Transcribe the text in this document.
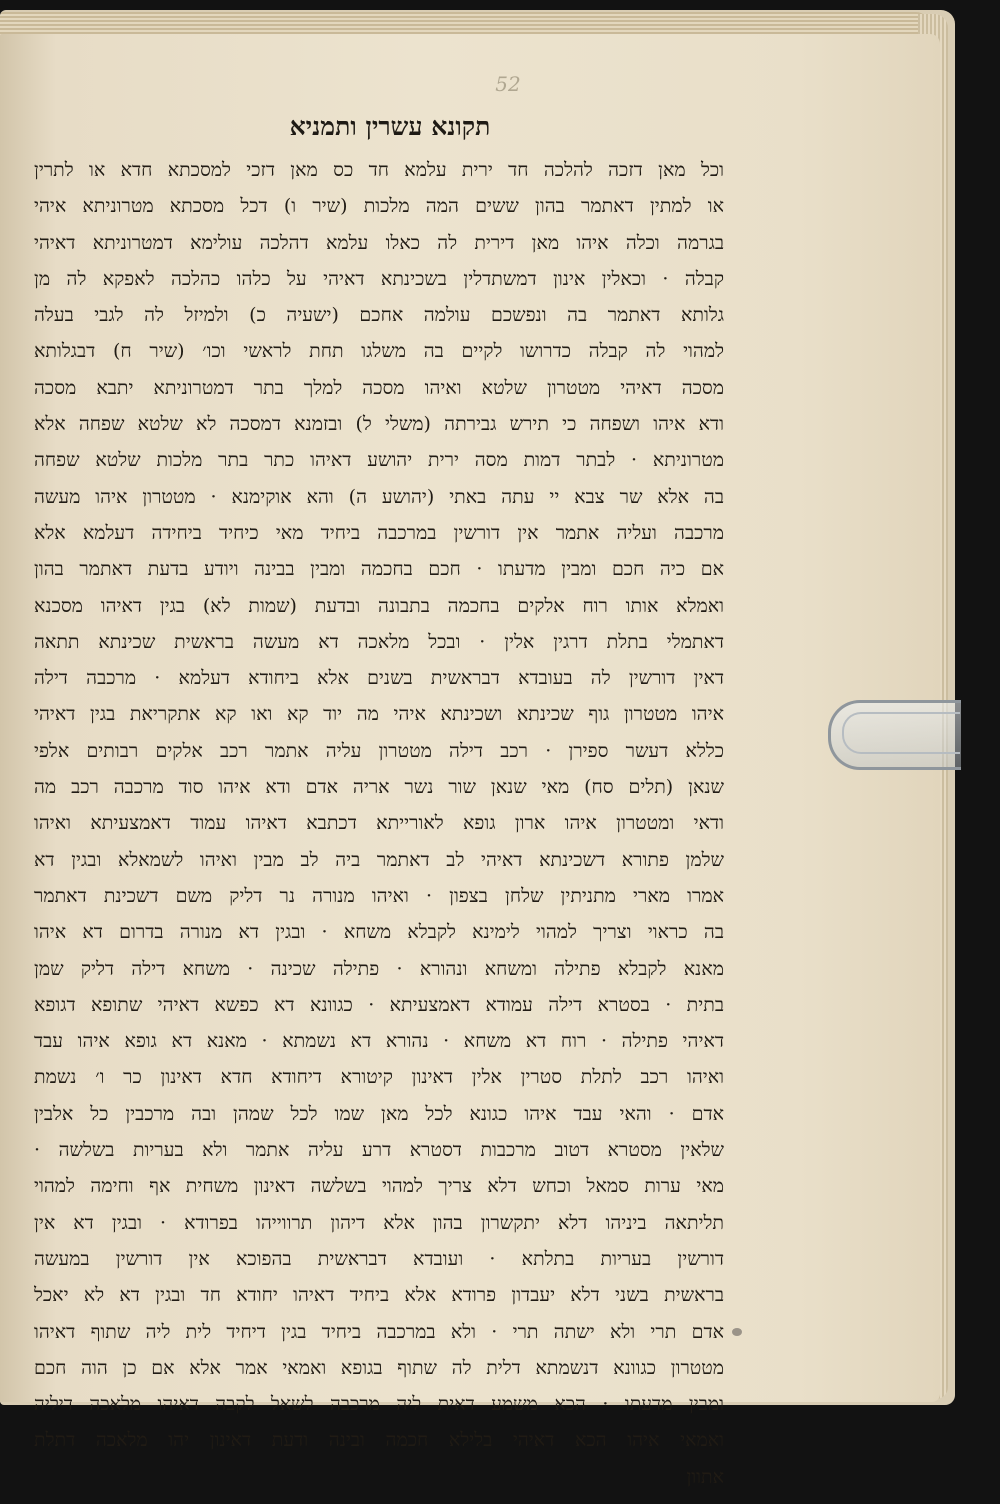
52
תקונא עשרין ותמניא
וכל מאן דזכה להלכה חד ירית עלמא חד כס מאן דזכי למסכתא חדא או לתרין
או למתין דאתמר בהון ששים המה מלכות (שיר ו) דכל מסכתא מטרוניתא איהי
בגרמה וכלה איהו מאן דירית לה כאלו עלמא דהלכה עולימא דמטרוניתא דאיהי
קבלה · וכאלין אינון דמשתדלין בשכינתא דאיהי על כלהו כהלכה לאפקא לה מן
גלותא דאתמר בה ונפשכם עולמה אחכם (ישעיה כ) ולמיזל לה לגבי בעלה
למהוי לה קבלה כדרושו לקיים בה משלגו תחת לראשי וכו׳ (שיר ח) דבגלותא
מסכה דאיהי מטטרון שלטא ואיהו מסכה למלך בתר דמטרוניתא יתבא מסכה
ודא איהו ושפחה כי תירש גבירתה (משלי ל) ובזמנא דמסכה לא שלטא שפחה אלא
מטרוניתא · לבתר דמות מסה ירית יהושע דאיהו כתר בתר מלכות שלטא שפחה
בה אלא שר צבא יי עתה באתי (יהושע ה) והא אוקימנא · מטטרון איהו מעשה
מרכבה ועליה אתמר אין דורשין במרכבה ביחיד מאי כיחיד ביחידה דעלמא אלא
אם כיה חכם ומבין מדעתו · חכם בחכמה ומבין בבינה ויודע בדעת דאתמר בהון
ואמלא אותו רוח אלקים בחכמה בתבונה ובדעת (שמות לא) בגין דאיהו מסכנא
דאתמלי בתלת דרגין אלין · ובכל מלאכה דא מעשה בראשית שכינתא תתאה
דאין דורשין לה בעובדא דבראשית בשנים אלא ביחודא דעלמא · מרכבה דילה
איהו מטטרון גוף שכינתא ושכינתא איהי מה יוד קא ואו קא אתקריאת בגין דאיהי
כללא דעשר ספירן · רכב דילה מטטרון עליה אתמר רכב אלקים רבותים אלפי
שנאן (תלים סח) מאי שנאן שור נשר אריה אדם ודא איהו סוד מרכבה רכב מה
ודאי ומטטרון איהו ארון גופא לאורייתא דכתבא דאיהו עמוד דאמצעיתא ואיהו
שלמן פתורא דשכינתא דאיהי לב דאתמר ביה לב מבין ואיהו לשמאלא ובגין דא
אמרו מארי מתניתין שלחן בצפון · ואיהו מנורה נר דליק משם דשכינת דאתמר
בה כראוי וצריך למהוי לימינא לקבלא משחא · ובגין דא מנורה בדרום דא איהו
מאנא לקבלא פתילה ומשחא ונהורא · פתילה שכינה · משחא דילה דליק שמן
בתית · בסטרא דילה עמודא דאמצעיתא · כגוונא דא כפשא דאיהי שתופא דגופא
דאיהי פתילה · רוח דא משחא · נהורא דא נשמתא · מאנא דא גופא איהו עבד
ואיהו רכב לתלת סטרין אלין דאינון קיטורא דיחודא חדא דאינון כר ו׳ נשמת
אדם · והאי עבד איהו כגונא לכל מאן שמו לכל שמהן ובה מרכבין כל אלבין
שלאין מסטרא דטוב מרכבות דסטרא דרע עליה אתמר ולא בעריות בשלשה ·
מאי ערות סמאל וכחש דלא צריך למהוי בשלשה דאינון משחית אף וחימה למהוי
תליתאה ביניהו דלא יתקשרון בהון אלא דיהון תרווייהו בפרודא · ובגין דא אין
דורשין בעריות בתלתא · ועובדא דבראשית בהפוכא אין דורשין במעשה
בראשית בשני דלא יעבדון פרודא אלא ביחיד דאיהו יחודא חד ובגין דא לא יאכל
אדם תרי ולא ישתה תרי · ולא במרכבה ביחיד בגין דיחיד לית ליה שתוף דאיהו
מטטרון כגוונא דנשמתא דלית לה שתוף בגופא ואמאי אמר אלא אם כן הוה חכם
ומבין מדעתו · הכא משמע דאית ליה מרכבה לשאל לקבה דאיהו מלאכה דיליה
ואמאי איהו הכא דאיהי בלילא חכמה ובינה ודעת דאינון יהו מלאכה דתלת
אתוון
